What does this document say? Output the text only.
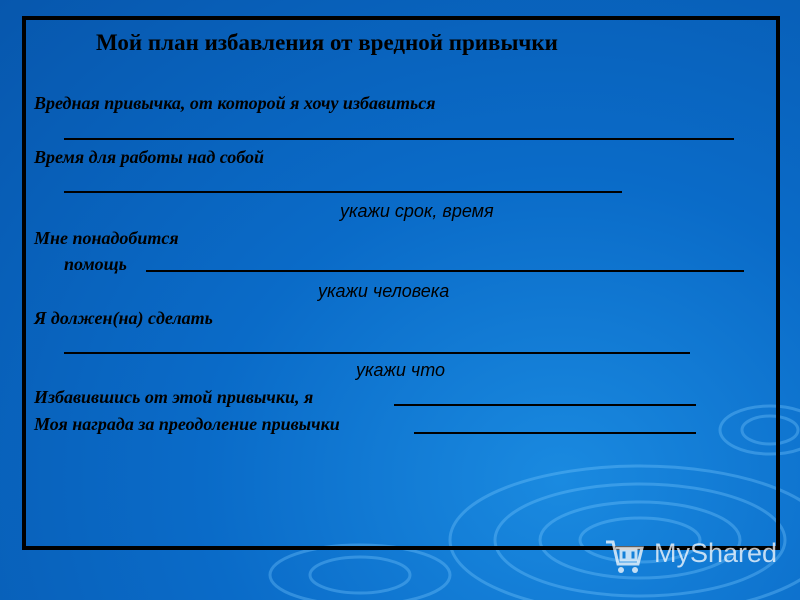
Мой план избавления от вредной привычки
Вредная привычка, от которой я хочу избавиться
Время для работы над собой
укажи срок, время
Мне понадобится
помощь
укажи человека
Я должен(на) сделать
укажи что
Избавившись от этой привычки, я
Моя награда за преодоление привычки
MyShared
